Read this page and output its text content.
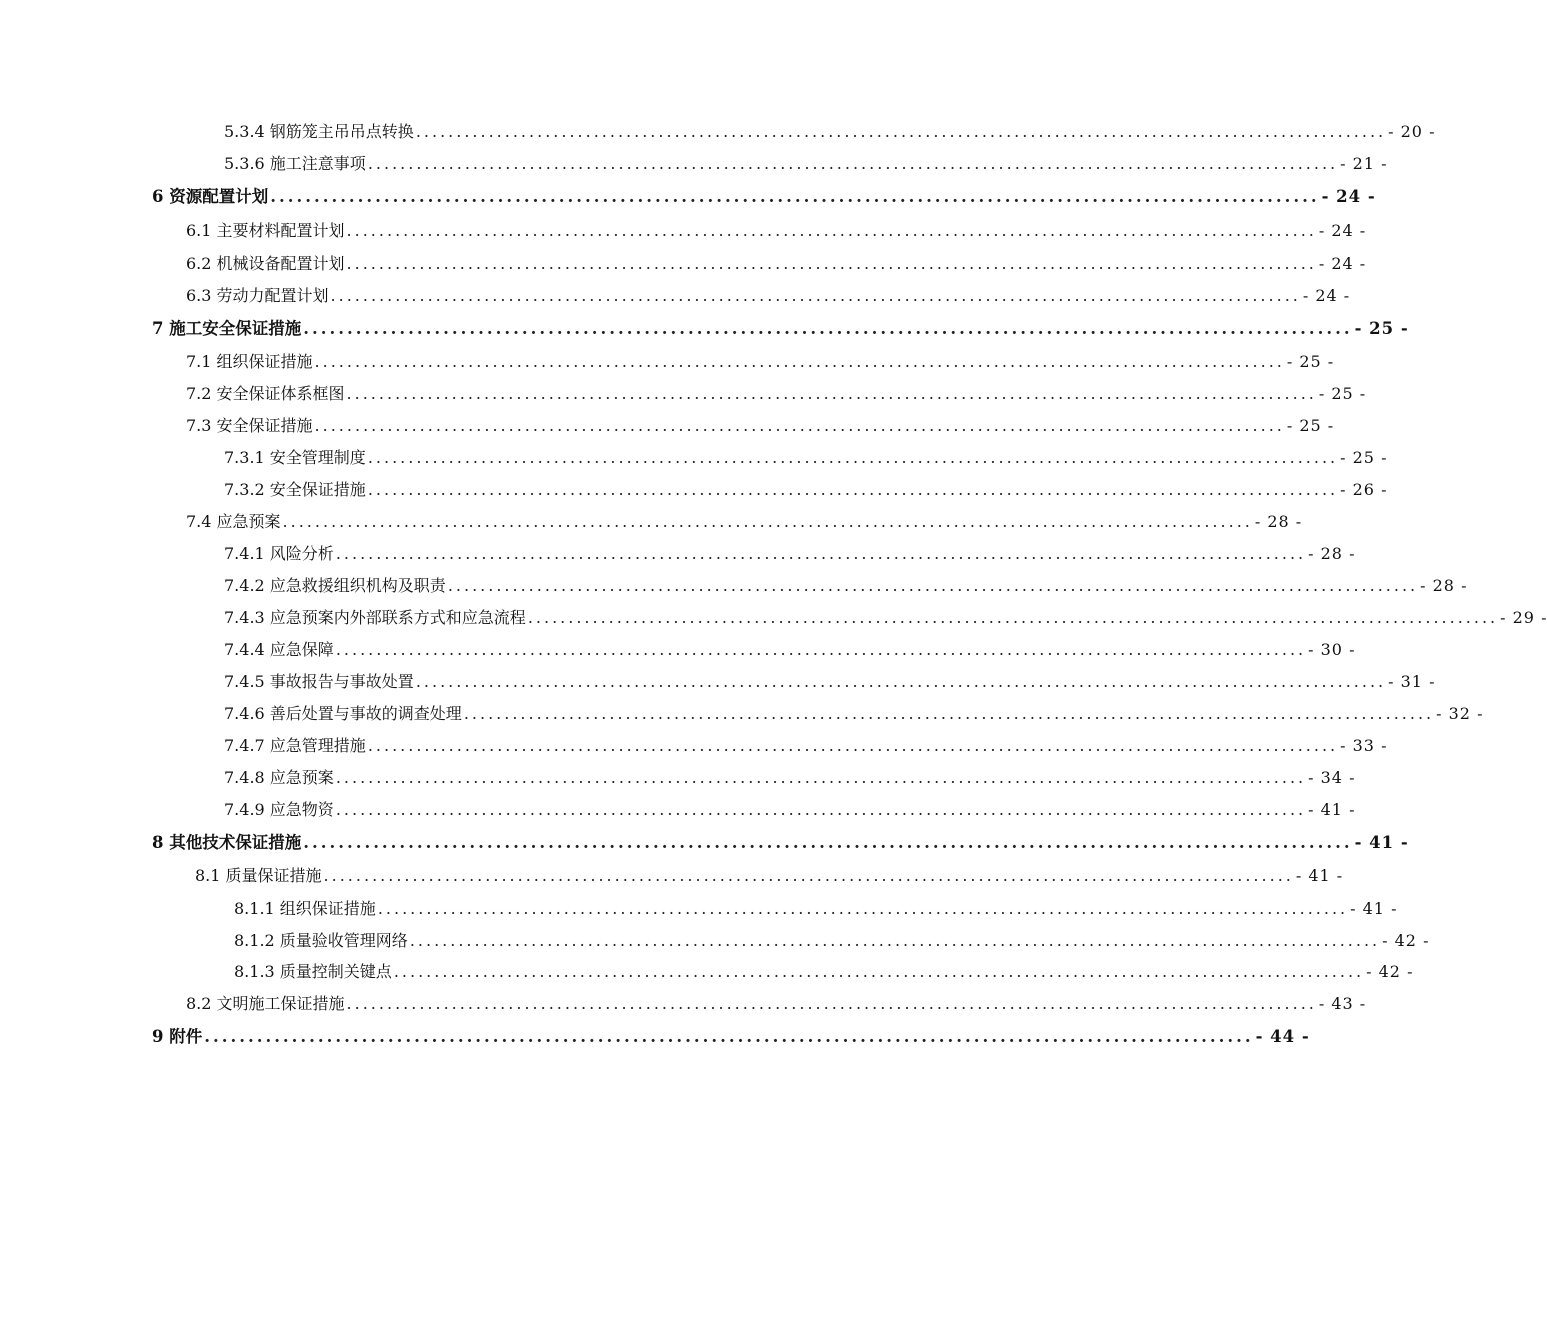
5.3.4 钢筋笼主吊吊点转换 ........................................................................................................................ - 20 -
5.3.6 施工注意事项 ........................................................................................................................ - 21 -
6 资源配置计划 ........................................................................................................................ - 24 -
6.1 主要材料配置计划 ........................................................................................................................ - 24 -
6.2 机械设备配置计划 ........................................................................................................................ - 24 -
6.3 劳动力配置计划 ........................................................................................................................ - 24 -
7 施工安全保证措施 ........................................................................................................................ - 25 -
7.1 组织保证措施 ........................................................................................................................ - 25 -
7.2 安全保证体系框图 ........................................................................................................................ - 25 -
7.3 安全保证措施 ........................................................................................................................ - 25 -
7.3.1 安全管理制度 ........................................................................................................................ - 25 -
7.3.2 安全保证措施 ........................................................................................................................ - 26 -
7.4 应急预案 ........................................................................................................................ - 28 -
7.4.1 风险分析 ........................................................................................................................ - 28 -
7.4.2 应急救援组织机构及职责 ........................................................................................................................ - 28 -
7.4.3 应急预案内外部联系方式和应急流程 ........................................................................................................................ - 29 -
7.4.4 应急保障 ........................................................................................................................ - 30 -
7.4.5 事故报告与事故处置 ........................................................................................................................ - 31 -
7.4.6 善后处置与事故的调查处理 ........................................................................................................................ - 32 -
7.4.7 应急管理措施 ........................................................................................................................ - 33 -
7.4.8 应急预案 ........................................................................................................................ - 34 -
7.4.9 应急物资 ........................................................................................................................ - 41 -
8 其他技术保证措施 ........................................................................................................................ - 41 -
8.1 质量保证措施 ........................................................................................................................ - 41 -
8.1.1 组织保证措施 ........................................................................................................................ - 41 -
8.1.2 质量验收管理网络 ........................................................................................................................ - 42 -
8.1.3 质量控制关键点 ........................................................................................................................ - 42 -
8.2 文明施工保证措施 ........................................................................................................................ - 43 -
9 附件 ........................................................................................................................ - 44 -
